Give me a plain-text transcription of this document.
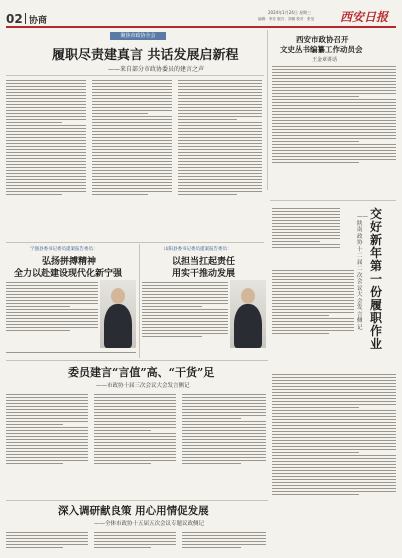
02 协商
2024年1月24日 星期三
编辑：李芳 版式：刘娜 校对：张莹 西安日报
聚焦市政协全会
履职尽责建真言 共话发展启新程
——来自部分市政协委员的建言之声
西安市政协召开
文史丛书编纂工作动员会
王金章讲话
交好新年第一份履职作业
——陕南政协十二届二次会议大会发言侧记
宁强县委书记委员提案报告委员：
弘扬拼搏精神
全力以赴建设现代化新宁强
山阳县委书记委员提案报告委员：
以担当扛起责任
用实干推动发展
委员建言“言值”高、“干货”足
——市政协十届三次会议大会发言侧记
深入调研献良策 用心用情促发展
——全体市政协十五届五次会议专题议政侧记
